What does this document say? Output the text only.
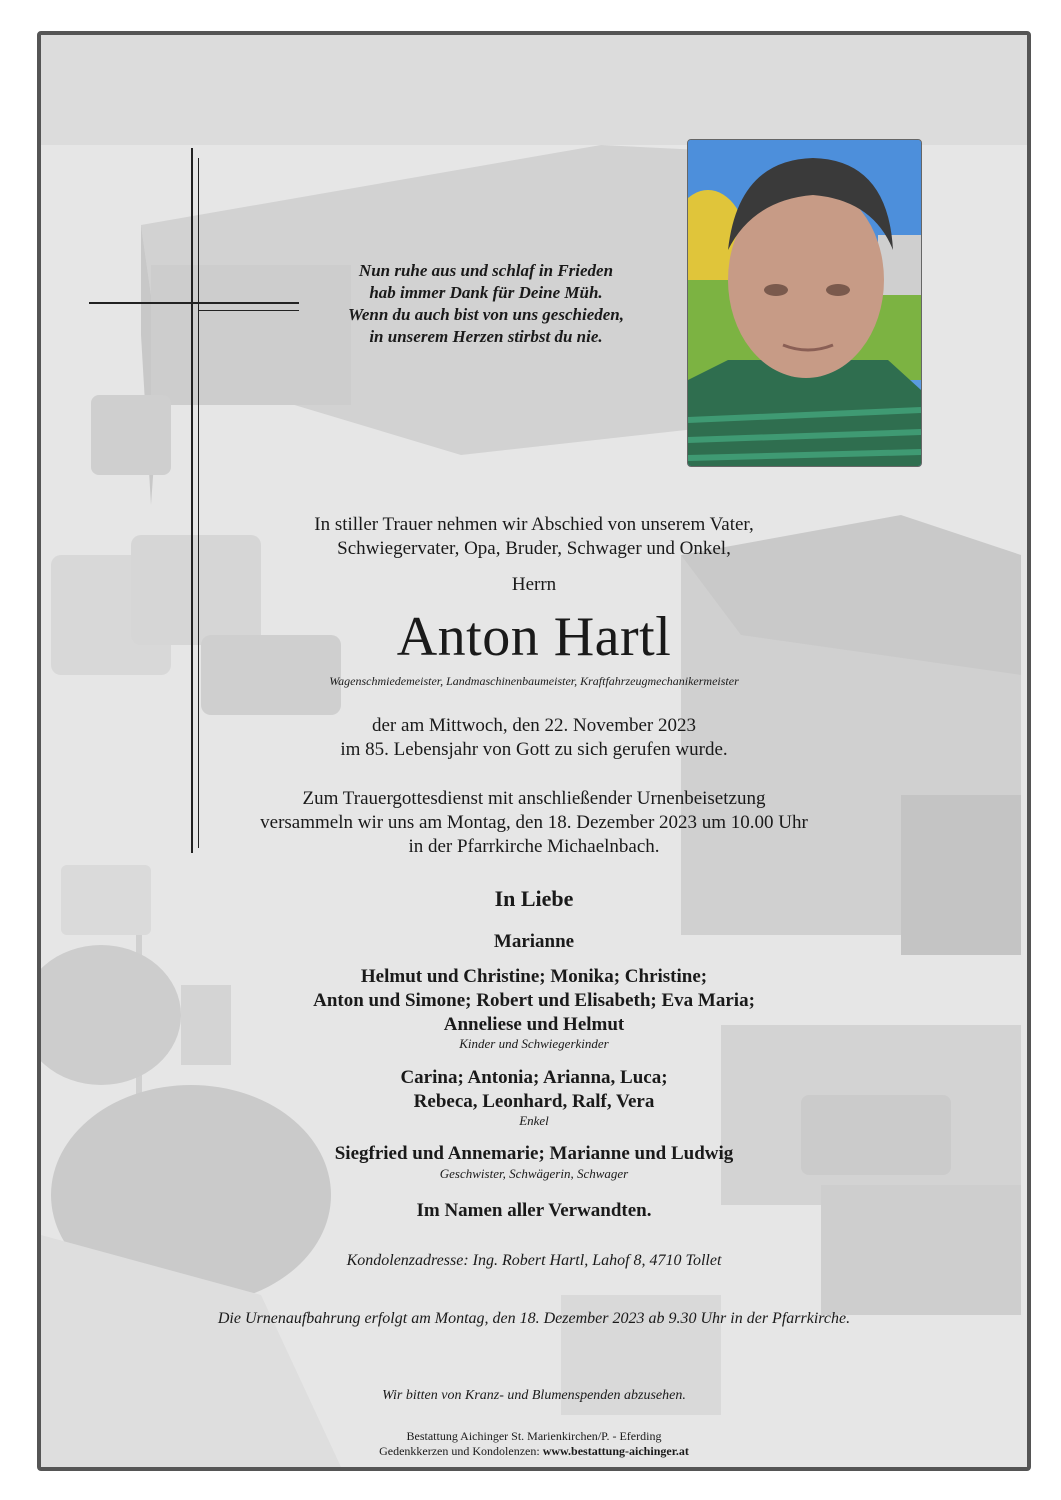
Nun ruhe aus und schlaf in Frieden
hab immer Dank für Deine Müh.
Wenn du auch bist von uns geschieden,
in unserem Herzen stirbst du nie.
In stiller Trauer nehmen wir Abschied von unserem Vater,
Schwiegervater, Opa, Bruder, Schwager und Onkel,
Herrn
Anton Hartl
Wagenschmiedemeister, Landmaschinenbaumeister, Kraftfahrzeugmechanikermeister
der am Mittwoch, den 22. November 2023
im 85. Lebensjahr von Gott zu sich gerufen wurde.
Zum Trauergottesdienst mit anschließender Urnenbeisetzung
versammeln wir uns am Montag, den 18. Dezember 2023 um 10.00 Uhr
in der Pfarrkirche Michaelnbach.
In Liebe
Marianne
Helmut und Christine; Monika; Christine;
Anton und Simone; Robert und Elisabeth; Eva Maria;
Anneliese und Helmut
Kinder und Schwiegerkinder
Carina; Antonia; Arianna, Luca;
Rebeca, Leonhard, Ralf, Vera
Enkel
Siegfried und Annemarie; Marianne und Ludwig
Geschwister, Schwägerin, Schwager
Im Namen aller Verwandten.
Kondolenzadresse: Ing. Robert Hartl, Lahof 8, 4710 Tollet
Die Urnenaufbahrung erfolgt am Montag, den 18. Dezember 2023 ab 9.30 Uhr in der Pfarrkirche.
Wir bitten von Kranz- und Blumenspenden abzusehen.
Bestattung Aichinger St. Marienkirchen/P. - Eferding
Gedenkkerzen und Kondolenzen: www.bestattung-aichinger.at
